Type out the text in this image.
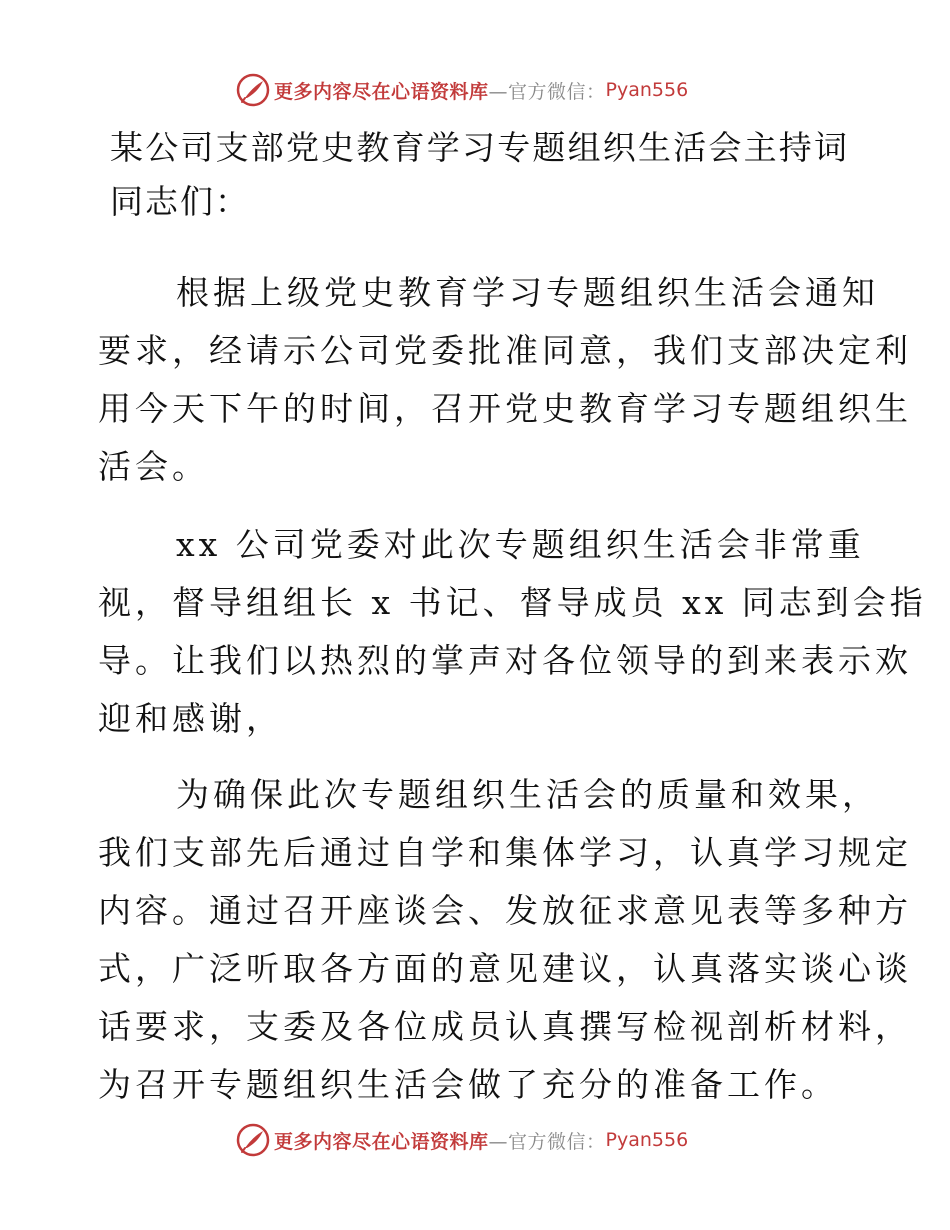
更多内容尽在心语资料库 —官方微信： Pyan556
某公司支部党史教育学习专题组织生活会主持词
同志们：
根据上级党史教育学习专题组织生活会通知
要求，经请示公司党委批准同意，我们支部决定利
用今天下午的时间，召开党史教育学习专题组织生
活会。
xx 公司党委对此次专题组织生活会非常重
视，督导组组长 x 书记、督导成员 xx 同志到会指
导。让我们以热烈的掌声对各位领导的到来表示欢
迎和感谢，
为确保此次专题组织生活会的质量和效果，
我们支部先后通过自学和集体学习，认真学习规定
内容。通过召开座谈会、发放征求意见表等多种方
式，广泛听取各方面的意见建议，认真落实谈心谈
话要求，支委及各位成员认真撰写检视剖析材料，
为召开专题组织生活会做了充分的准备工作。
更多内容尽在心语资料库 —官方微信： Pyan556
